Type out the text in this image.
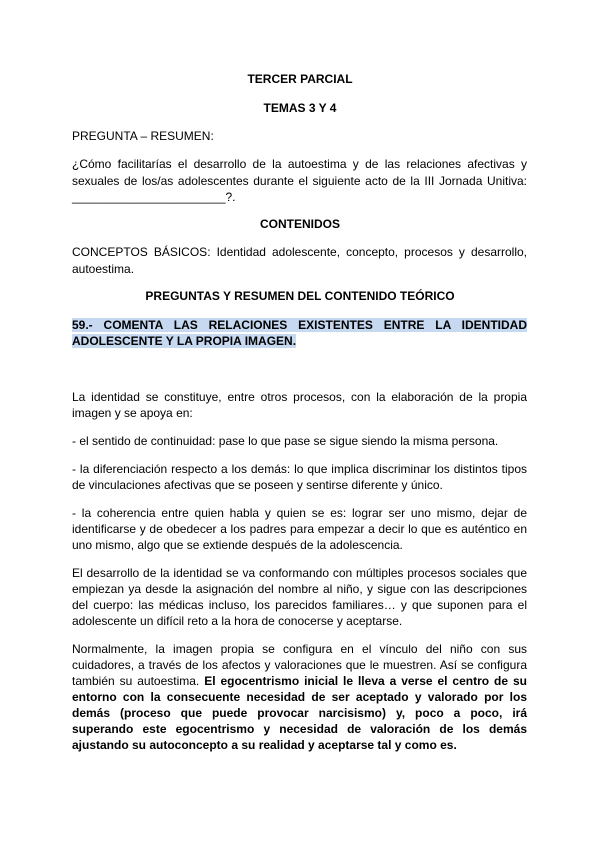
TERCER PARCIAL
TEMAS 3 Y 4
PREGUNTA – RESUMEN:
¿Cómo facilitarías el desarrollo de la autoestima y de las relaciones afectivas y
sexuales de los/as adolescentes durante el siguiente acto de la III Jornada Unitiva:
_______________________?.
CONTENIDOS
CONCEPTOS BÁSICOS: Identidad adolescente, concepto, procesos y desarrollo,
autoestima.
PREGUNTAS Y RESUMEN DEL CONTENIDO TEÓRICO
59.- COMENTA LAS RELACIONES EXISTENTES ENTRE LA IDENTIDAD
ADOLESCENTE Y LA PROPIA IMAGEN.
La identidad se constituye, entre otros procesos, con la elaboración de la propia
imagen y se apoya en:
- el sentido de continuidad: pase lo que pase se sigue siendo la misma persona.
- la diferenciación respecto a los demás: lo que implica discriminar los distintos tipos
de vinculaciones afectivas que se poseen y sentirse diferente y único.
- la coherencia entre quien habla y quien se es: lograr ser uno mismo, dejar de
identificarse y de obedecer a los padres para empezar a decir lo que es auténtico en
uno mismo, algo que se extiende después de la adolescencia.
El desarrollo de la identidad se va conformando con múltiples procesos sociales que
empiezan ya desde la asignación del nombre al niño, y sigue con las descripciones
del cuerpo: las médicas incluso, los parecidos familiares… y que suponen para el
adolescente un difícil reto a la hora de conocerse y aceptarse.
Normalmente, la imagen propia se configura en el vínculo del niño con sus
cuidadores, a través de los afectos y valoraciones que le muestren. Así se configura
también su autoestima. El egocentrismo inicial le lleva a verse el centro de su
entorno con la consecuente necesidad de ser aceptado y valorado por los
demás (proceso que puede provocar narcisismo) y, poco a poco, irá
superando este egocentrismo y necesidad de valoración de los demás
ajustando su autoconcepto a su realidad y aceptarse tal y como es.
